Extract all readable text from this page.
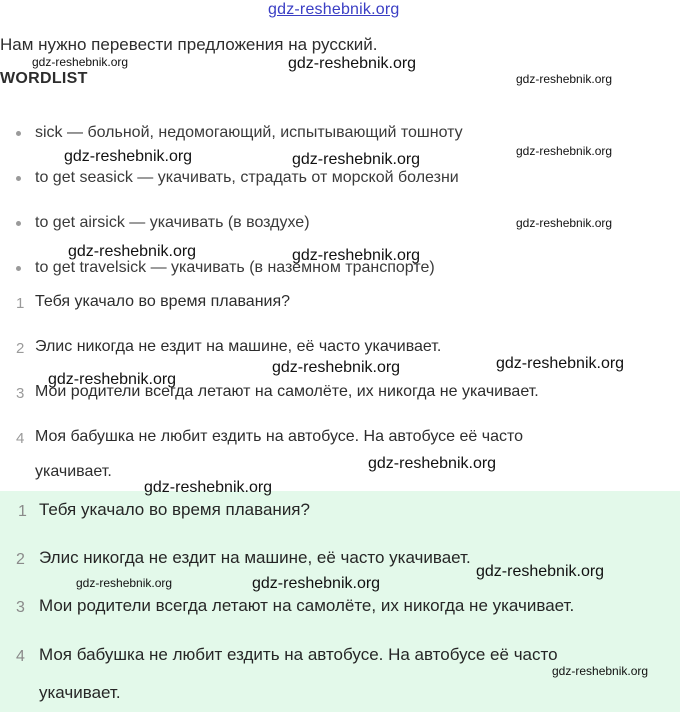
gdz-reshebnik.org
Нам нужно перевести предложения на русский.
WORDLIST
sick — больной, недомогающий, испытывающий тошноту
to get seasick — укачивать, страдать от морской болезни
to get airsick — укачивать (в воздухе)
to get travelsick — укачивать (в наземном транспорте)
1 Тебя укачало во время плавания?
2 Элис никогда не ездит на машине, её часто укачивает.
3 Мои родители всегда летают на самолёте, их никогда не укачивает.
4 Моя бабушка не любит ездить на автобусе. На автобусе её часто
укачивает.
1 Тебя укачало во время плавания?
2 Элис никогда не ездит на машине, её часто укачивает.
3 Мои родители всегда летают на самолёте, их никогда не укачивает.
4 Моя бабушка не любит ездить на автобусе. На автобусе её часто
укачивает.
gdz-reshebnik.org	gdz-reshebnik.org
gdz-reshebnik.org
gdz-reshebnik.org	gdz-reshebnik.org	gdz-reshebnik.org
gdz-reshebnik.org
gdz-reshebnik.org	gdz-reshebnik.org
gdz-reshebnik.org
gdz-reshebnik.org
gdz-reshebnik.org
gdz-reshebnik.org
gdz-reshebnik.org
gdz-reshebnik.org
gdz-reshebnik.org	gdz-reshebnik.org
gdz-reshebnik.org
